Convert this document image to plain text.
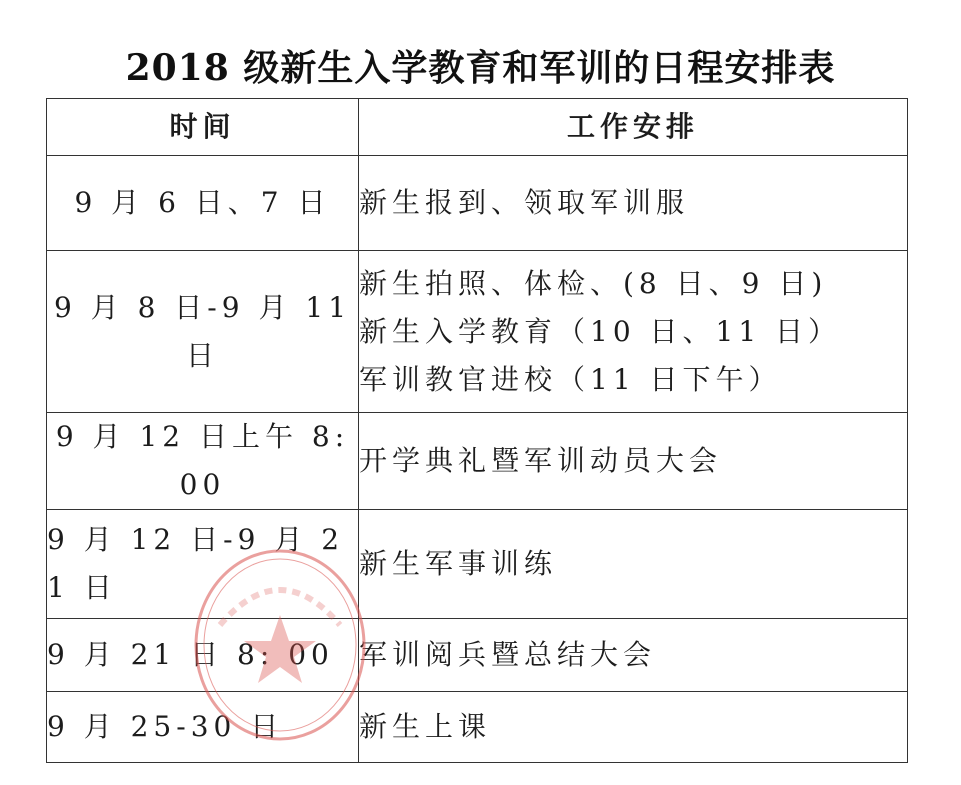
2018 级新生入学教育和军训的日程安排表
时间	工作安排
9 月 6 日、7 日	新生报到、领取军训服

9 月 8 日-9 月 11 日	新生拍照、体检、(8 日、9 日)
新生入学教育（10 日、11 日）
军训教官进校（11 日下午）

9 月 12 日上午 8:00	开学典礼暨军训动员大会

9 月 12 日-9 月 21 日	新生军事训练

9 月 21 日 8: 00	军训阅兵暨总结大会

9 月 25-30 日	新生上课
